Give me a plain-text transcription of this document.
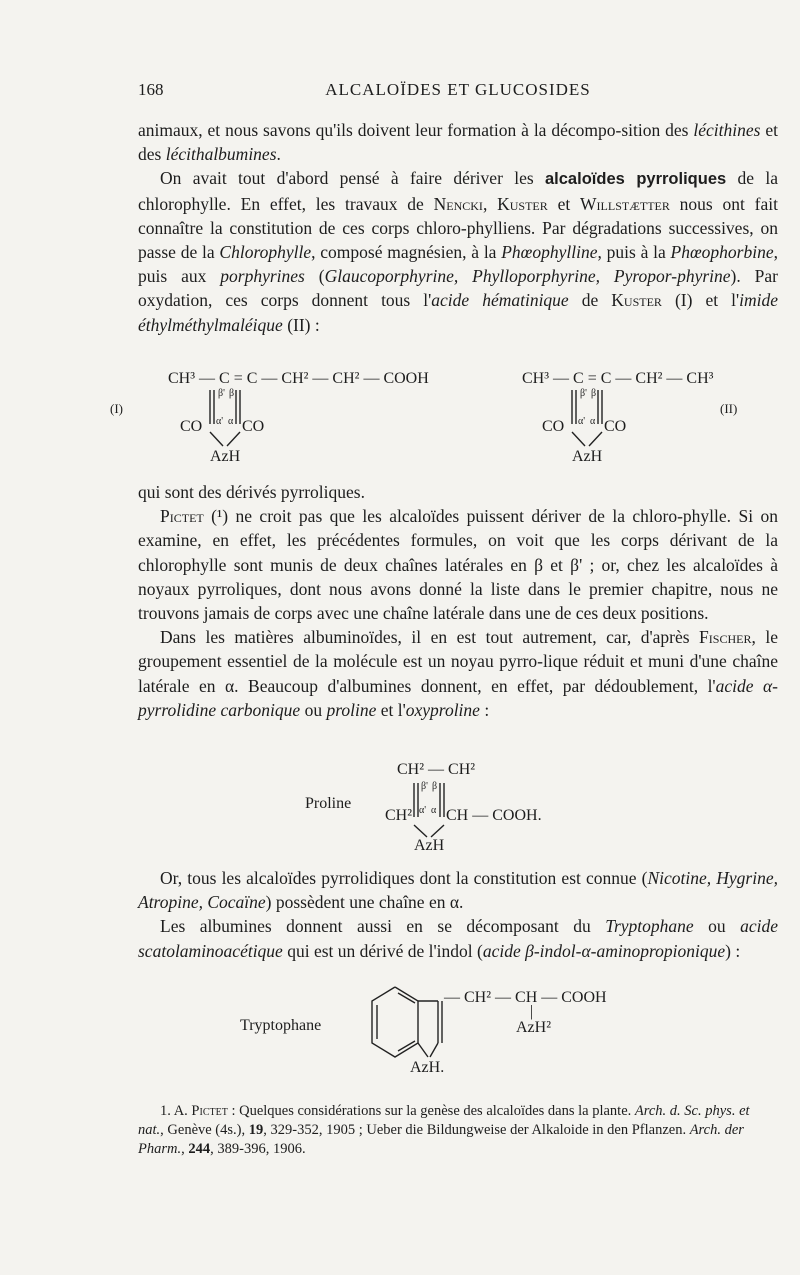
168	ALCALOÏDES ET GLUCOSIDES

animaux, et nous savons qu'ils doivent leur formation à la décompo-sition des lécithines et des lécithalbumines.

On avait tout d'abord pensé à faire dériver les alcaloïdes pyrroliques de la chlorophylle. En effet, les travaux de Nencki, Kuster et Willstætter nous ont fait connaître la constitution de ces corps chloro-phylliens. Par dégradations successives, on passe de la Chlorophylle, composé magnésien, à la Phœophylline, puis à la Phœophorbine, puis aux porphyrines (Glaucoporphyrine, Phylloporphyrine, Pyropor-phyrine). Par oxydation, ces corps donnent tous l'acide hématinique de Kuster (I) et l'imide éthylméthylmaléique (II) :

(I)	(II)
CH³ — C = C — CH² — CH² — COOH	CH³ — C = C — CH² — CH³
β' β	β' β
CO α' α CO	CO α' α CO
AzH	AzH

qui sont des dérivés pyrroliques.

Pictet (¹) ne croit pas que les alcaloïdes puissent dériver de la chloro-phylle. Si on examine, en effet, les précédentes formules, on voit que les corps dérivant de la chlorophylle sont munis de deux chaînes latérales en β et β' ; or, chez les alcaloïdes à noyaux pyrroliques, dont nous avons donné la liste dans le premier chapitre, nous ne trouvons jamais de corps avec une chaîne latérale dans une de ces deux positions.

Dans les matières albuminoïdes, il en est tout autrement, car, d'après Fischer, le groupement essentiel de la molécule est un noyau pyrro-lique réduit et muni d'une chaîne latérale en α. Beaucoup d'albumines donnent, en effet, par dédoublement, l'acide α-pyrrolidine carbonique ou proline et l'oxyproline :

Proline
CH² — CH²
β' β
CH² α' α CH — COOH.
AzH

Or, tous les alcaloïdes pyrrolidiques dont la constitution est connue (Nicotine, Hygrine, Atropine, Cocaïne) possèdent une chaîne en α.

Les albumines donnent aussi en se décomposant du Tryptophane ou acide scatolaminoacétique qui est un dérivé de l'indol (acide β-indol-α-aminopropionique) :

Tryptophane
— CH² — CH — COOH
|
AzH²
AzH.

1. A. Pictet : Quelques considérations sur la genèse des alcaloïdes dans la plante. Arch. d. Sc. phys. et nat., Genève (4s.), 19, 329-352, 1905 ; Ueber die Bildungweise der Alkaloide in den Pflanzen. Arch. der Pharm., 244, 389-396, 1906.
